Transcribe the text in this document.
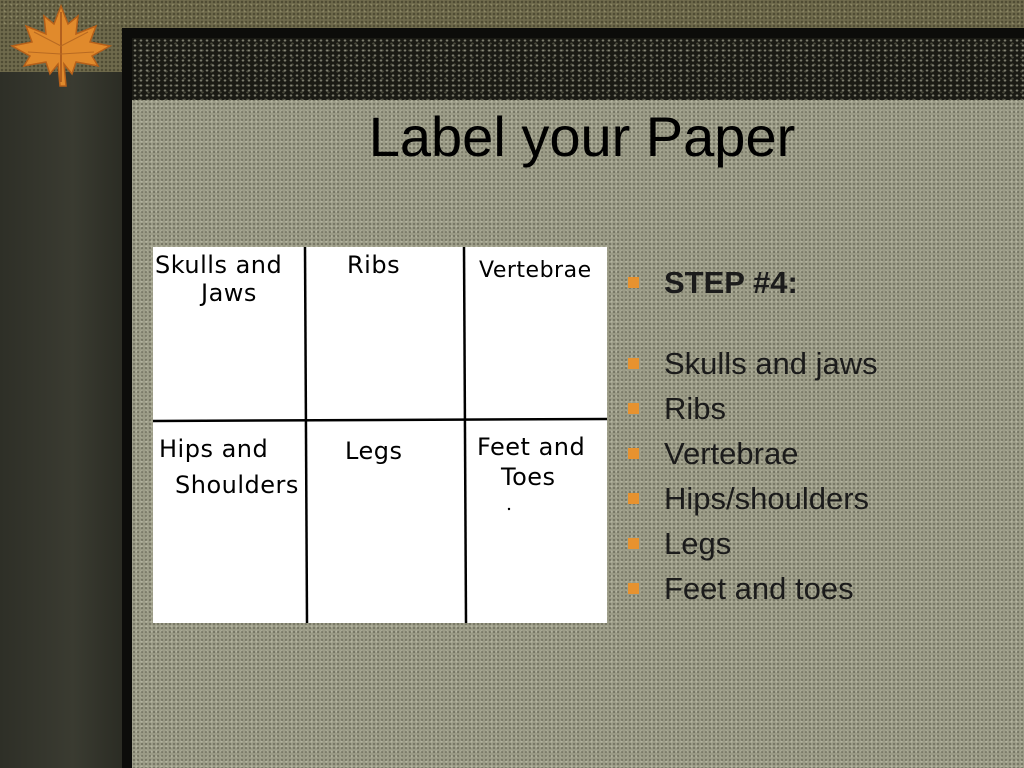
Label your Paper
Skulls and
Jaws
Ribs	Vertebrae
Hips and
Shoulders
Legs	Feet and
Toes
STEP #4:
Skulls and jaws
Ribs
Vertebrae
Hips/shoulders
Legs
Feet and toes
